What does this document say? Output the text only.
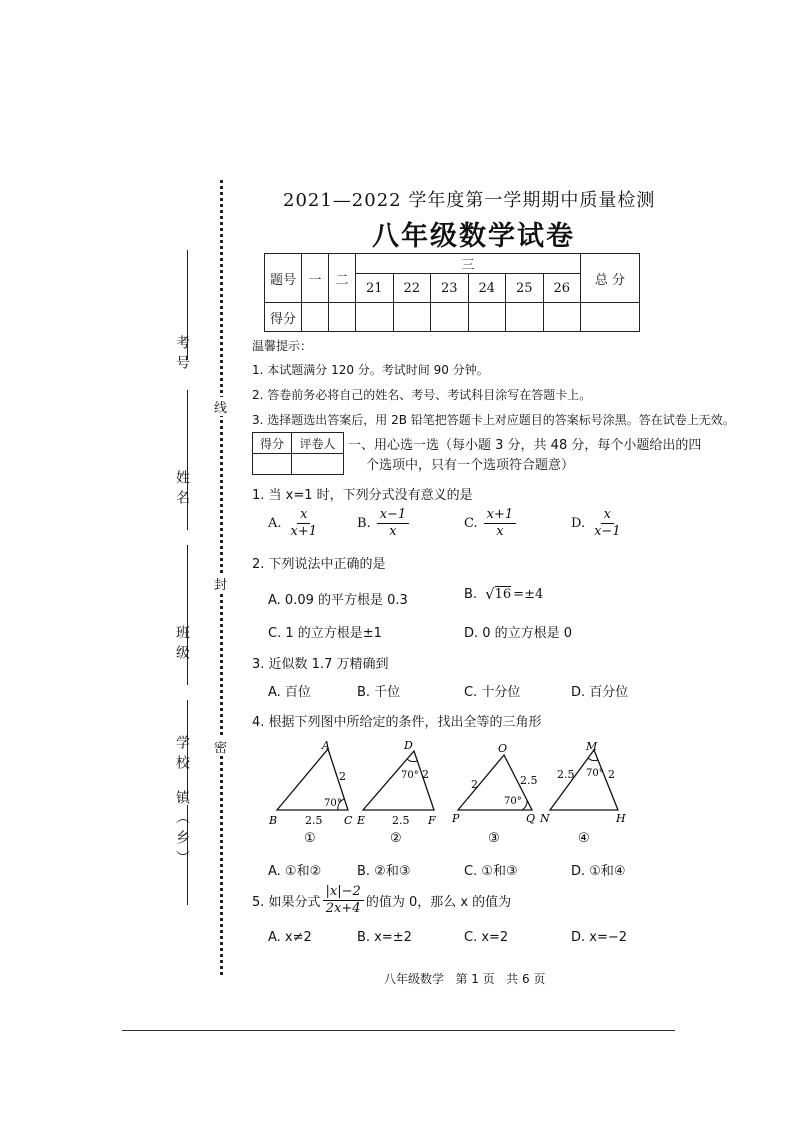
考号
姓名
班级
学校
镇（乡）
线
封
密
2021—2022 学年度第一学期期中质量检测
八年级数学试卷
题号	一	二	三						总 分
			21	22	23	24	25	26	
得分									
温馨提示：
1. 本试题满分 120 分。考试时间 90 分钟。
2. 答卷前务必将自己的姓名、考号、考试科目涂写在答题卡上。
3. 选择题选出答案后，用 2B 铅笔把答题卡上对应题目的答案标号涂黑。答在试卷上无效。
得分	评卷人
	一、用心选一选（每小题 3 分，共 48 分，每个小题给出的四
个选项中，只有一个选项符合题意）
1. 当 x=1 时，下列分式没有意义的是
A. $\frac{x}{x+1}$	B. $\frac{x-1}{x}$	C. $\frac{x+1}{x}$	D. $\frac{x}{x-1}$
2. 下列说法中正确的是
A. 0.09 的平方根是 0.3	B. √ 16 =±4
C. 1 的立方根是±1	D. 0 的立方根是 0
3. 近似数 1.7 万精确到
A. 百位	B. 千位	C. 十分位	D. 百分位
4. 根据下列图中所给定的条件，找出全等的三角形
A
B	C
2
2.5
70°
①
D
E	F
2
2.5
70°
②
O
P	Q
2	2.5
70°
③
M
N	H
2.5	2
70°
④
A. ①和②	B. ②和③	C. ①和③	D. ①和④
5. 如果分式 $\frac{|x|-2}{2x+4}$ 的值为 0，那么 x 的值为
A. x≠2	B. x=±2	C. x=2	D. x=−2
八年级数学   第 1 页   共 6 页
